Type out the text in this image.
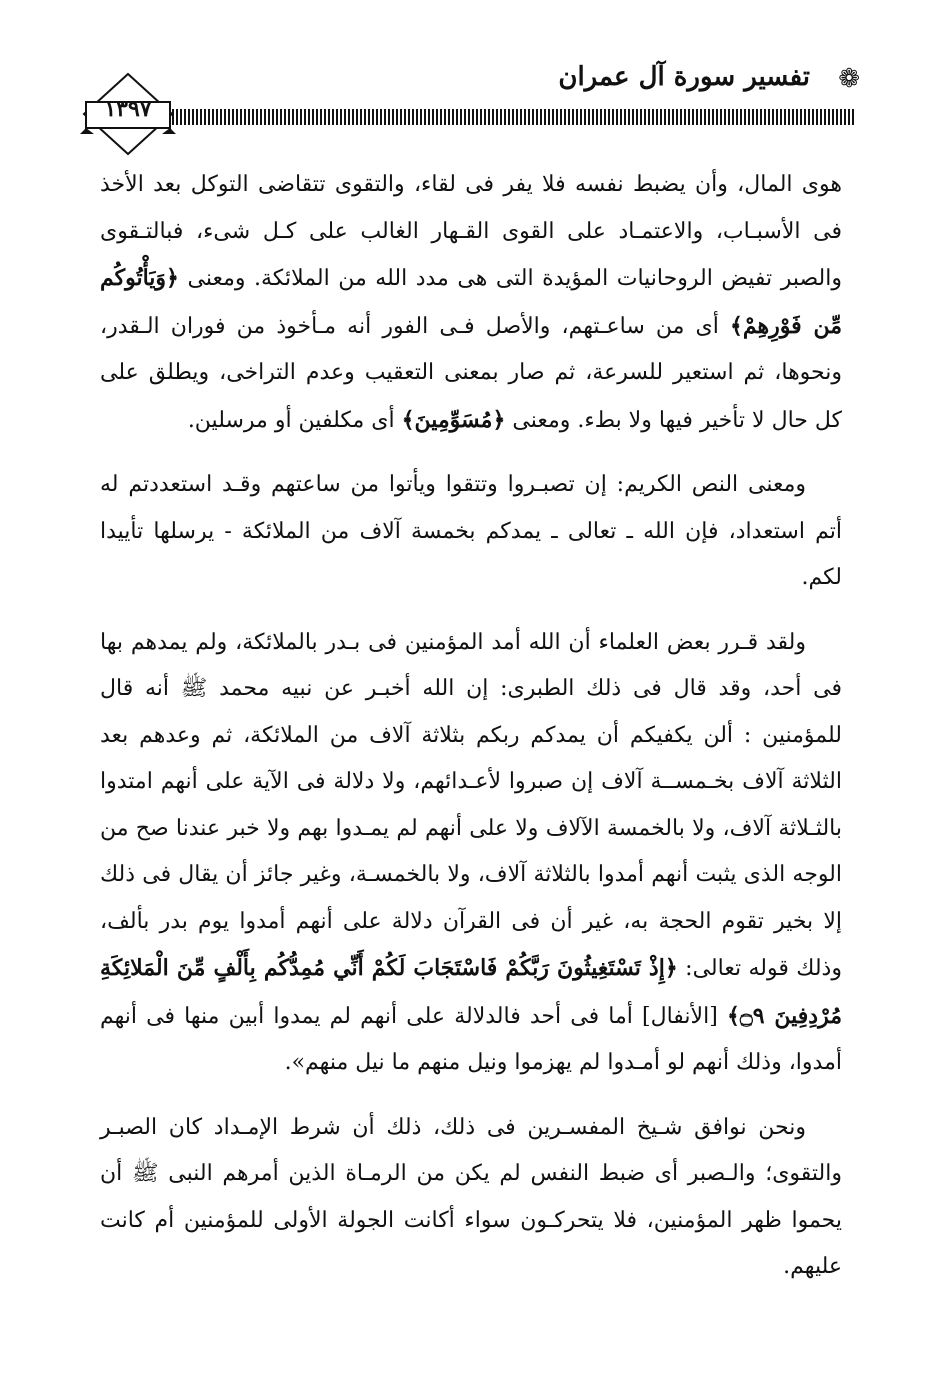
❁
تفسير سورة آل عمران
١٣٩٧

هوى المال، وأن يضبط نفسه فلا يفر فى لقاء، والتقوى تتقاضى التوكل بعد الأخذ فى الأسبـاب، والاعتمـاد على القوى القـهار الغالب على كـل شىء، فبالتـقوى والصبر تفيض الروحانيات المؤيدة التى هى مدد الله من الملائكة. ومعنى ﴿وَيَأْتُوكُم مِّن فَوْرِهِمْ﴾ أى من ساعـتهم، والأصل فـى الفور أنه مـأخوذ من فوران الـقدر، ونحوها، ثم استعير للسرعة، ثم صار بمعنى التعقيب وعدم التراخى، ويطلق على كل حال لا تأخير فيها ولا بطء. ومعنى ﴿مُسَوِّمِينَ﴾ أى مكلفين أو مرسلين.

ومعنى النص الكريم: إن تصبـروا وتتقوا ويأتوا من ساعتهم وقـد استعددتم له أتم استعداد، فإن الله ـ تعالى ـ يمدكم بخمسة آلاف من الملائكة - يرسلها تأييدا لكم.

ولقد قـرر بعض العلماء أن الله أمد المؤمنين فى بـدر بالملائكة، ولم يمدهم بها فى أحد، وقد قال فى ذلك الطبرى: إن الله أخبـر عن نبيه محمد ﷺ أنه قال للمؤمنين : ألن يكفيكم أن يمدكم ربكم بثلاثة آلاف من الملائكة، ثم وعدهم بعد الثلاثة آلاف بخـمســة آلاف إن صبروا لأعـدائهم، ولا دلالة فى الآية على أنهم امتدوا بالثـلاثة آلاف، ولا بالخمسة الآلاف ولا على أنهم لم يمـدوا بهم ولا خبر عندنا صح من الوجه الذى يثبت أنهم أمدوا بالثلاثة آلاف، ولا بالخمسـة، وغير جائز أن يقال فى ذلك إلا بخير تقوم الحجة به، غير أن فى القرآن دلالة على أنهم أمدوا يوم بدر بألف، وذلك قوله تعالى: ﴿إِذْ تَسْتَغِيثُونَ رَبَّكُمْ فَاسْتَجَابَ لَكُمْ أَنِّي مُمِدُّكُم بِأَلْفٍ مِّنَ الْمَلائِكَةِ مُرْدِفِينَ ۝٩﴾ [الأنفال] أما فى أحد فالدلالة على أنهم لم يمدوا أبين منها فى أنهم أمدوا، وذلك أنهم لو أمـدوا لم يهزموا ونيل منهم ما نيل منهم».

ونحن نوافق شـيخ المفسـرين فى ذلك، ذلك أن شرط الإمـداد كان الصبـر والتقوى؛ والـصبر أى ضبط النفس لم يكن من الرمـاة الذين أمرهم النبى ﷺ أن يحموا ظهر المؤمنين، فلا يتحركـون سواء أكانت الجولة الأولى للمؤمنين أم كانت عليهم.
